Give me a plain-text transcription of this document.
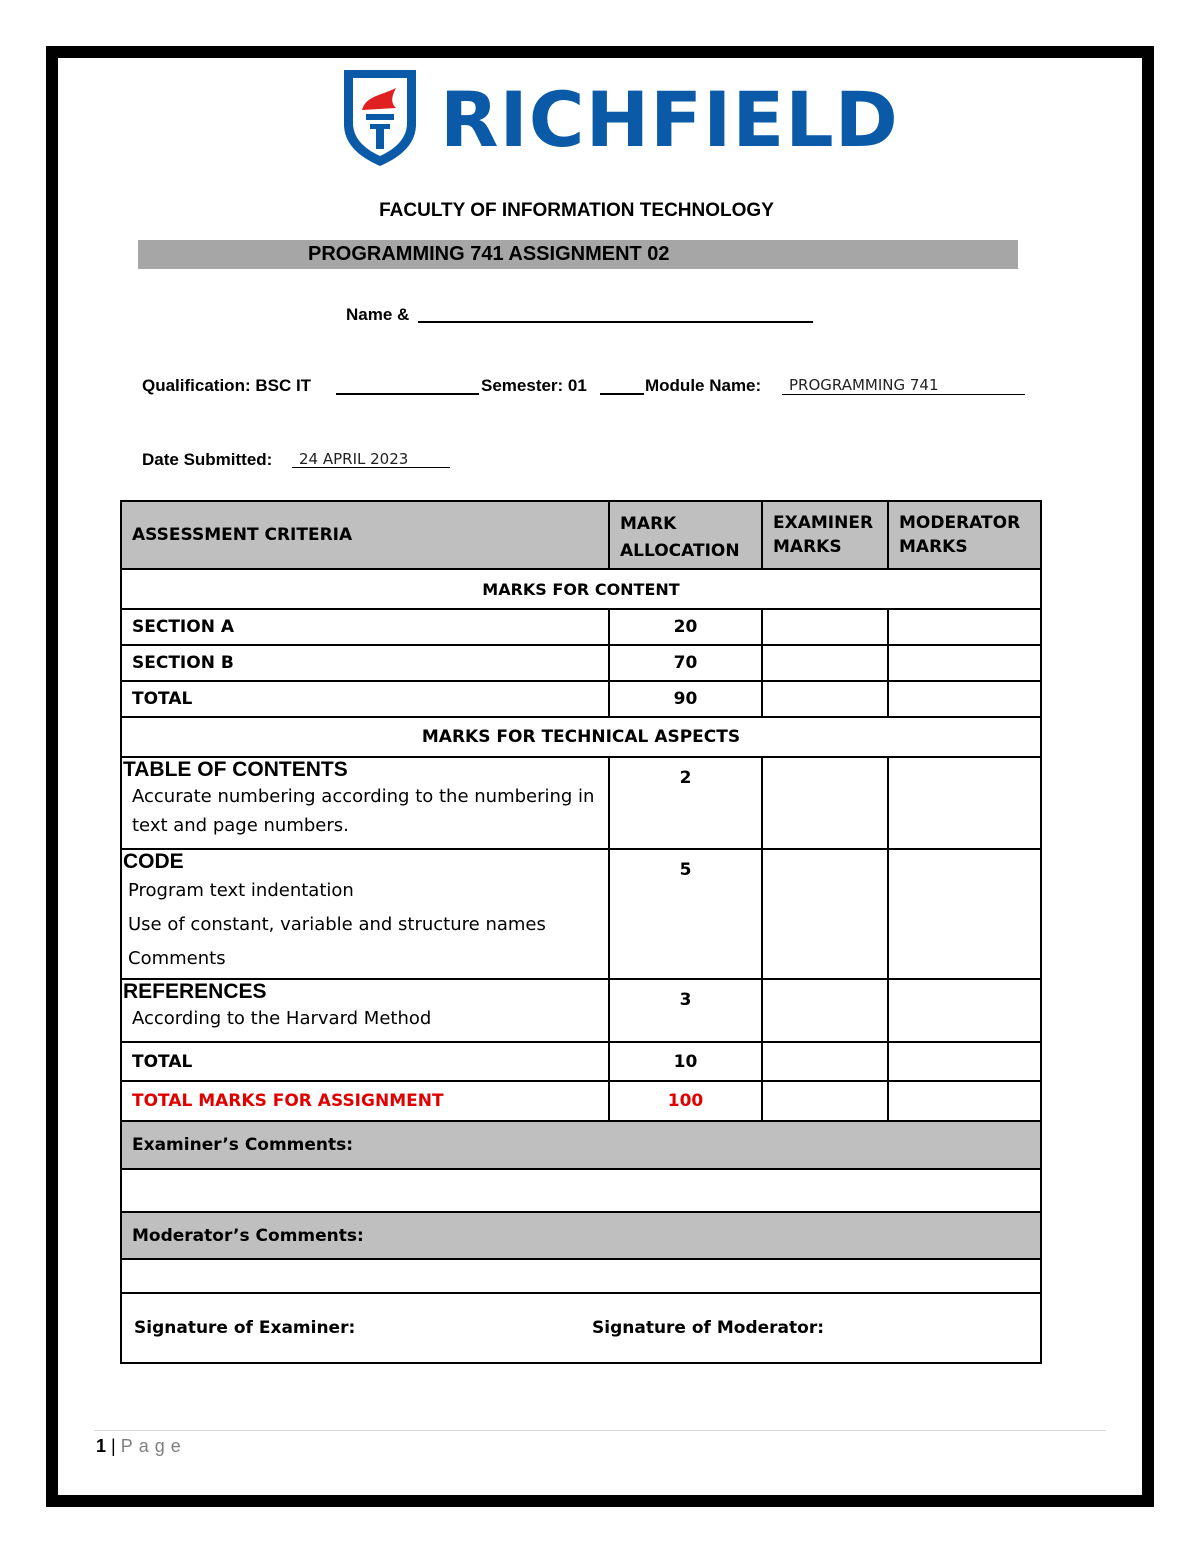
RICHFIELD
FACULTY OF INFORMATION TECHNOLOGY
PROGRAMMING 741 ASSIGNMENT 02
Name &
Qualification: BSC IT	Semester: 01	Module Name: PROGRAMMING 741
Date Submitted: 24 APRIL 2023
ASSESSMENT CRITERIA	MARK ALLOCATION	EXAMINER MARKS	MODERATOR MARKS
MARKS FOR CONTENT			
SECTION A	20		
SECTION B	70		
TOTAL	90		
MARKS FOR TECHNICAL ASPECTS			

TABLE OF CONTENTS
Accurate numbering according to the numbering in text and page numbers.	2		

CODE
Program text indentation
Use of constant, variable and structure names
Comments	5		

REFERENCES
According to the Harvard Method	3		
TOTAL	10		
TOTAL MARKS FOR ASSIGNMENT	100		
Examiner’s Comments:			

Moderator’s Comments:			

Signature of Examiner: Signature of Moderator:			
1 | Page
